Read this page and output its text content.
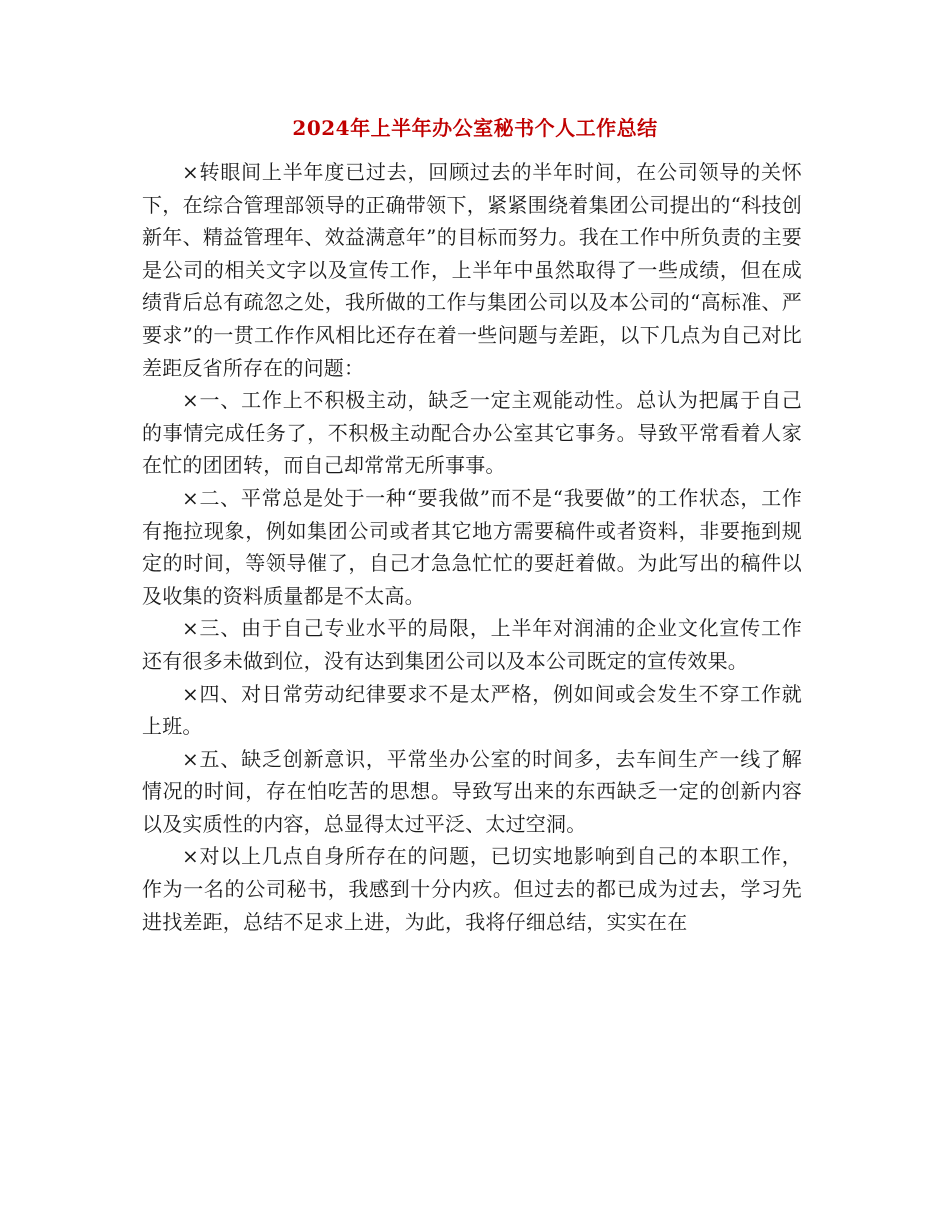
2024年上半年办公室秘书个人工作总结

×转眼间上半年度已过去，回顾过去的半年时间，在公司领导的关怀下，在综合管理部领导的正确带领下，紧紧围绕着集团公司提出的“科技创新年、精益管理年、效益满意年”的目标而努力。我在工作中所负责的主要是公司的相关文字以及宣传工作，上半年中虽然取得了一些成绩，但在成绩背后总有疏忽之处，我所做的工作与集团公司以及本公司的“高标准、严要求”的一贯工作作风相比还存在着一些问题与差距，以下几点为自己对比差距反省所存在的问题：

×一、工作上不积极主动，缺乏一定主观能动性。总认为把属于自己的事情完成任务了，不积极主动配合办公室其它事务。导致平常看着人家在忙的团团转，而自己却常常无所事事。

×二、平常总是处于一种“要我做”而不是“我要做”的工作状态，工作有拖拉现象，例如集团公司或者其它地方需要稿件或者资料，非要拖到规定的时间，等领导催了，自己才急急忙忙的要赶着做。为此写出的稿件以及收集的资料质量都是不太高。

×三、由于自己专业水平的局限，上半年对润浦的企业文化宣传工作还有很多未做到位，没有达到集团公司以及本公司既定的宣传效果。

×四、对日常劳动纪律要求不是太严格，例如间或会发生不穿工作就上班。

×五、缺乏创新意识，平常坐办公室的时间多，去车间生产一线了解情况的时间，存在怕吃苦的思想。导致写出来的东西缺乏一定的创新内容以及实质性的内容，总显得太过平泛、太过空洞。

×对以上几点自身所存在的问题，已切实地影响到自己的本职工作，作为一名的公司秘书，我感到十分内疚。但过去的都已成为过去，学习先进找差距，总结不足求上进，为此，我将仔细总结，实实在在
